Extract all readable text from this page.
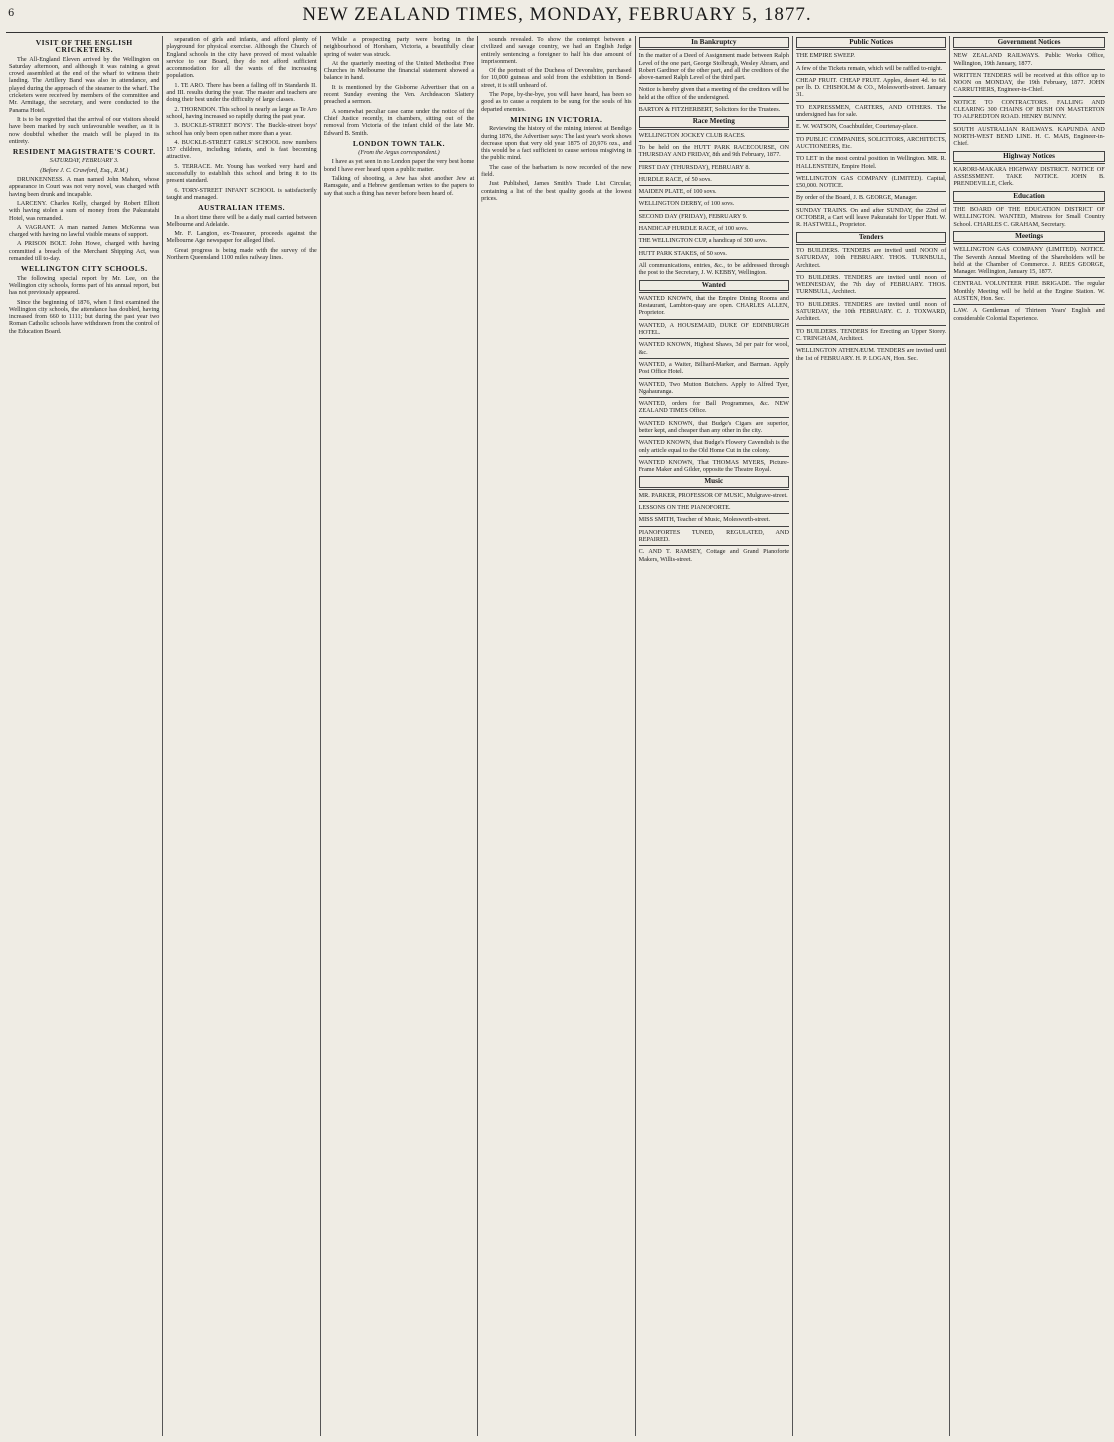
6	NEW ZEALAND TIMES, MONDAY, FEBRUARY 5, 1877.
VISIT OF THE ENGLISH CRICKETERS.

The All-England Eleven arrived by the Wellington on Saturday afternoon, and although it was raining a great crowd assembled at the end of the wharf to witness their landing. The Artillery Band was also in attendance, and played during the approach of the steamer to the wharf. The cricketers were received by members of the committee and Mr. Armitage, the secretary, and were conducted to the Panama Hotel.

It is to be regretted that the arrival of our visitors should have been marked by such unfavourable weather, as it is now doubtful whether the match will be played in its entirety.

RESIDENT MAGISTRATE'S COURT.
SATURDAY, FEBRUARY 3.
(Before J. C. Crawford, Esq., R.M.)

DRUNKENNESS. A man named John Mahon, whose appearance in Court was not very novel, was charged with having been drunk and incapable.

LARCENY. Charles Kelly, charged by Robert Elliott with having stolen a sum of money from the Pakuratahi Hotel, was remanded.

A VAGRANT. A man named James McKenna was charged with having no lawful visible means of support.

A PRISON BOLT. John Howe, charged with having committed a breach of the Merchant Shipping Act, was remanded till to-day.

WELLINGTON CITY SCHOOLS.

The following special report by Mr. Lee, on the Wellington city schools, forms part of his annual report, but has not previously appeared.

Since the beginning of 1876, when I first examined the Wellington city schools, the attendance has doubled, having increased from 660 to 1111; but during the past year two Roman Catholic schools have withdrawn from the control of the Education Board.

separation of girls and infants, and afford plenty of playground for physical exercise. Although the Church of England schools in the city have proved of most valuable service to our Board, they do not afford sufficient accommodation for all the wants of the increasing population.

1. TE ARO. There has been a falling off in Standards II. and III. results during the year. The master and teachers are doing their best under the difficulty of large classes.

2. THORNDON. This school is nearly as large as Te Aro school, having increased so rapidly during the past year.

3. BUCKLE-STREET BOYS'. The Buckle-street boys' school has only been open rather more than a year.

4. BUCKLE-STREET GIRLS' SCHOOL now numbers 157 children, including infants, and is fast becoming attractive.

5. TERRACE. Mr. Young has worked very hard and successfully to establish this school and bring it to its present standard.

6. TORY-STREET INFANT SCHOOL is satisfactorily taught and managed.

AUSTRALIAN ITEMS.

In a short time there will be a daily mail carried between Melbourne and Adelaide.

Mr. F. Langton, ex-Treasurer, proceeds against the Melbourne Age newspaper for alleged libel.

Great progress is being made with the survey of the Northern Queensland 1100 miles railway lines.

While a prospecting party were boring in the neighbourhood of Horsham, Victoria, a beautifully clear spring of water was struck.

At the quarterly meeting of the United Methodist Free Churches in Melbourne the financial statement showed a balance in hand.

It is mentioned by the Gisborne Advertiser that on a recent Sunday evening the Ven. Archdeacon Slattery preached a sermon.

A somewhat peculiar case came under the notice of the Chief Justice recently, in chambers, sitting out of the removal from Victoria of the infant child of the late Mr. Edward B. Smith.

LONDON TOWN TALK.
(From the Argus correspondent.)

I have as yet seen in no London paper the very best home bond I have ever heard upon a public matter.

Talking of shooting, a Jew has shot another Jew at Ramsgate, and a Hebrew gentleman writes to the papers to say that such a thing has never before been heard of.

sounds revealed. To show the contempt between a civilized and savage country, we had an English Judge entirely sentencing a foreigner to half his due amount of imprisonment.

Of the portrait of the Duchess of Devonshire, purchased for 10,000 guineas and sold from the exhibition in Bond-street, it is still unheard of.

The Pope, by-the-bye, you will have heard, has been so good as to cause a requiem to be sung for the souls of his departed enemies.

MINING IN VICTORIA.

Reviewing the history of the mining interest at Bendigo during 1876, the Advertiser says: The last year's work shows decrease upon that very old year 1875 of 20,976 ozs., and this would be a fact sufficient to cause serious misgiving in the public mind.

The case of the barbarism is now recorded of the new field.

Just Published, James Smith's Trade List Circular, containing a list of the best quality goods at the lowest prices.

In Bankruptcy
In the matter of a Deed of Assignment made between Ralph Level of the one part, George Stolbrugh, Wesley Abram, and Robert Gardiner of the other part, and all the creditors of the above-named Ralph Level of the third part.
Notice is hereby given that a meeting of the creditors will be held at the office of the undersigned.
BARTON & FITZHERBERT, Solicitors for the Trustees.
Race Meeting
WELLINGTON JOCKEY CLUB RACES.
To be held on the HUTT PARK RACECOURSE, ON THURSDAY AND FRIDAY, 8th and 9th February, 1877.
FIRST DAY (THURSDAY), FEBRUARY 8.
HURDLE RACE, of 50 sovs.
MAIDEN PLATE, of 100 sovs.
WELLINGTON DERBY, of 100 sovs.
SECOND DAY (FRIDAY), FEBRUARY 9.
HANDICAP HURDLE RACE, of 100 sovs.
THE WELLINGTON CUP, a handicap of 300 sovs.
HUTT PARK STAKES, of 50 sovs.
All communications, entries, &c., to be addressed through the post to the Secretary, J. W. KEBBY, Wellington.
Wanted
WANTED KNOWN, that the Empire Dining Rooms and Restaurant, Lambton-quay are open. CHARLES ALLEN, Proprietor.
WANTED, A HOUSEMAID, DUKE OF EDINBURGH HOTEL.
WANTED KNOWN, Highest Shaws, 3d per pair for wool, &c.
WANTED, a Waiter, Billiard-Marker, and Barman. Apply Post Office Hotel.
WANTED, Two Mutton Butchers. Apply to Alfred Tyer, Ngahauranga.
WANTED, orders for Ball Programmes, &c. NEW ZEALAND TIMES Office.
WANTED KNOWN, that Budge's Cigars are superior, better kept, and cheaper than any other in the city.
WANTED KNOWN, that Budge's Flowery Cavendish is the only article equal to the Old Home Cut in the colony.
WANTED KNOWN, That THOMAS MYERS, Picture-Frame Maker and Gilder, opposite the Theatre Royal.
Music
MR. PARKER, PROFESSOR OF MUSIC, Mulgrave-street.
LESSONS ON THE PIANOFORTE.
MISS SMITH, Teacher of Music, Molesworth-street.
PIANOFORTES TUNED, REGULATED, AND REPAIRED.
C. AND T. RAMSEY, Cottage and Grand Pianoforte Makers, Willis-street.
Public Notices
THE EMPIRE SWEEP.
A few of the Tickets remain, which will be raffled to-night.
CHEAP FRUIT. CHEAP FRUIT. Apples, desert 4d. to 6d. per lb. D. CHISHOLM & CO., Molesworth-street. January 31.
TO EXPRESSMEN, CARTERS, AND OTHERS. The undersigned has for sale.
E. W. WATSON, Coachbuilder, Courtenay-place.
TO PUBLIC COMPANIES, SOLICITORS, ARCHITECTS, AUCTIONEERS, Etc.
TO LET in the most central position in Wellington. MR. R. HALLENSTEIN, Empire Hotel.
WELLINGTON GAS COMPANY (LIMITED). Capital, £50,000. NOTICE.
By order of the Board, J. B. GEORGE, Manager.
SUNDAY TRAINS. On and after SUNDAY, the 22nd of OCTOBER, a Cart will leave Pakuratahi for Upper Hutt. W. R. HASTWELL, Proprietor.
Tenders
TO BUILDERS. TENDERS are invited until NOON of SATURDAY, 10th FEBRUARY. THOS. TURNBULL, Architect.
TO BUILDERS. TENDERS are invited until noon of WEDNESDAY, the 7th day of FEBRUARY. THOS. TURNBULL, Architect.
TO BUILDERS. TENDERS are invited until noon of SATURDAY, the 10th FEBRUARY. C. J. TOXWARD, Architect.
TO BUILDERS. TENDERS for Erecting an Upper Storey. C. TRINGHAM, Architect.
WELLINGTON ATHENÆUM. TENDERS are invited until the 1st of FEBRUARY. H. P. LOGAN, Hon. Sec.
Government Notices
NEW ZEALAND RAILWAYS. Public Works Office, Wellington, 19th January, 1877.
WRITTEN TENDERS will be received at this office up to NOON on MONDAY, the 19th February, 1877. JOHN CARRUTHERS, Engineer-in-Chief.
NOTICE TO CONTRACTORS. FALLING AND CLEARING 300 CHAINS OF BUSH ON MASTERTON TO ALFREDTON ROAD. HENRY BUNNY.
SOUTH AUSTRALIAN RAILWAYS. KAPUNDA AND NORTH-WEST BEND LINE. H. C. MAIS, Engineer-in-Chief.
Highway Notices
KARORI-MAKARA HIGHWAY DISTRICT. NOTICE OF ASSESSMENT. TAKE NOTICE. JOHN B. PRENDEVILLE, Clerk.
Education
THE BOARD OF THE EDUCATION DISTRICT OF WELLINGTON. WANTED, Mistress for Small Country School. CHARLES C. GRAHAM, Secretary.
Meetings
WELLINGTON GAS COMPANY (LIMITED). NOTICE. The Seventh Annual Meeting of the Shareholders will be held at the Chamber of Commerce. J. REES GEORGE, Manager. Wellington, January 15, 1877.
CENTRAL VOLUNTEER FIRE BRIGADE. The regular Monthly Meeting will be held at the Engine Station. W. AUSTEN, Hon. Sec.
LAW. A Gentleman of Thirteen Years' English and considerable Colonial Experience.
